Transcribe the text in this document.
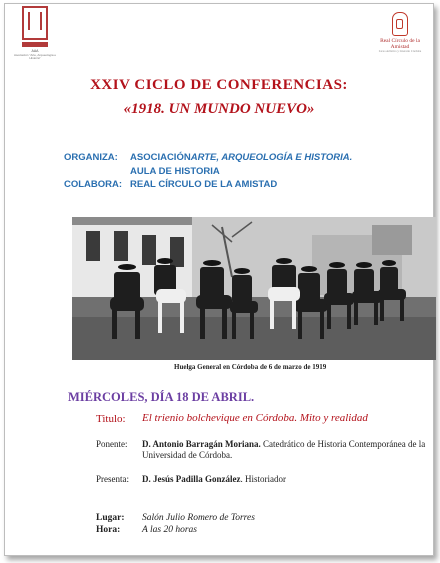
AAA
Asociación "Arte, Arqueología e Historia"
Real Círculo de la Amistad
Liceo Artístico y Literario Córdoba
XXIV CICLO DE CONFERENCIAS:
«1918. UN MUNDO NUEVO»
ORGANIZA:	ASOCIACIÓN ARTE, ARQUEOLOGÍA E HISTORIA.
AULA DE HISTORIA
COLABORA: REAL CÍRCULO DE LA AMISTAD
Huelga General en Córdoba de 6 de marzo de 1919
MIÉRCOLES, DÍA 18 DE ABRIL.
Titulo: El trienio bolchevique en Córdoba. Mito y realidad
Ponente: D. Antonio Barragán Moriana. Catedrático de Historia Contemporánea de la Universidad de Córdoba.
Presenta: D. Jesús Padilla González. Historiador
Lugar: Salón Julio Romero de Torres
Hora: A las 20 horas
